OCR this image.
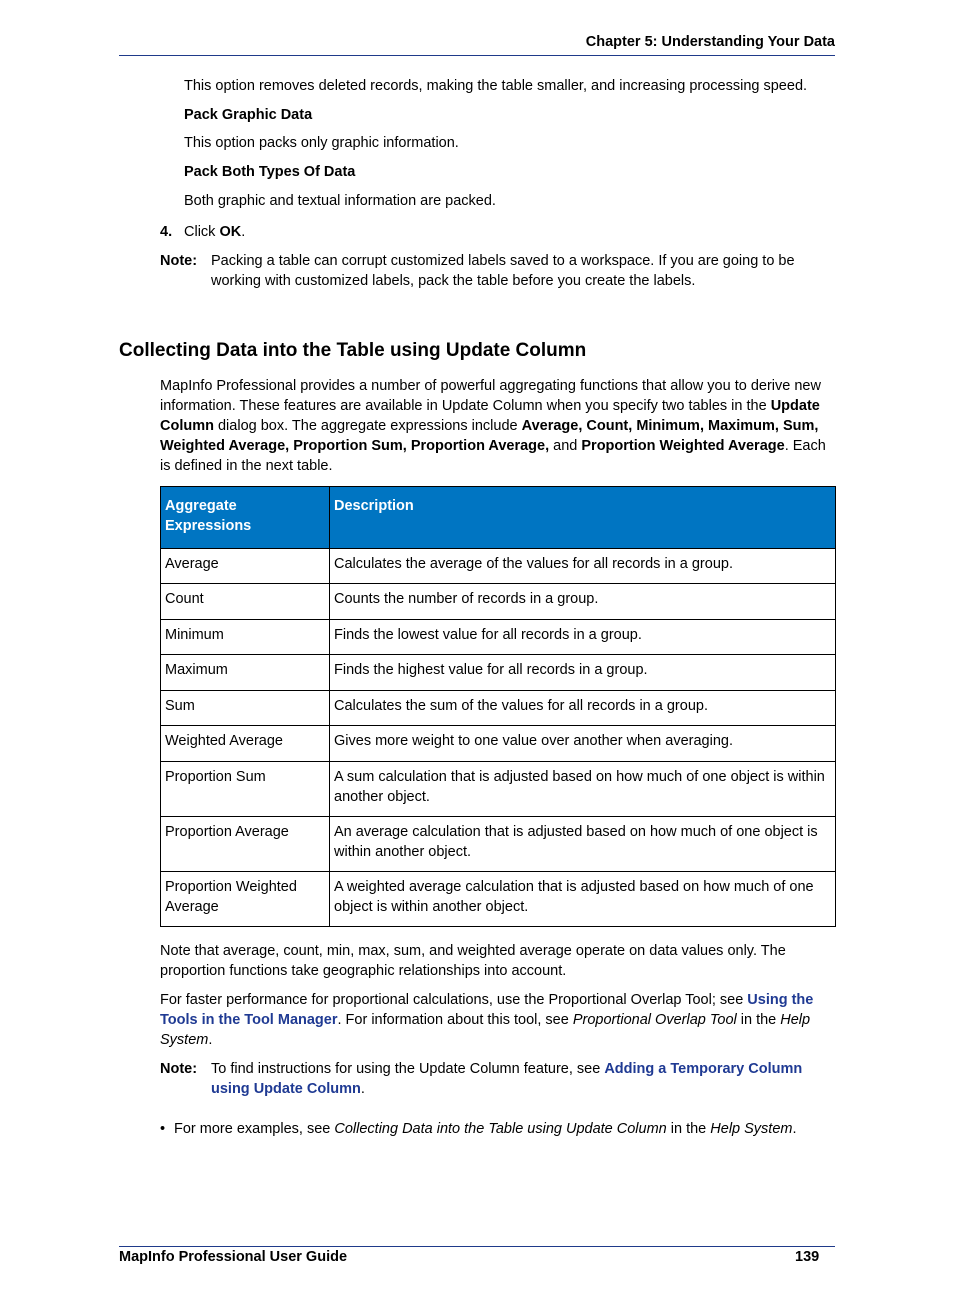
Chapter 5: Understanding Your Data
This option removes deleted records, making the table smaller, and increasing processing speed.
Pack Graphic Data
This option packs only graphic information.
Pack Both Types Of Data
Both graphic and textual information are packed.
4. Click OK.
Note: Packing a table can corrupt customized labels saved to a workspace. If you are going to be
working with customized labels, pack the table before you create the labels.
Collecting Data into the Table using Update Column
MapInfo Professional provides a number of powerful aggregating functions that allow you to derive new
information. These features are available in Update Column when you specify two tables in the Update
Column dialog box. The aggregate expressions include Average, Count, Minimum, Maximum, Sum,
Weighted Average, Proportion Sum, Proportion Average, and Proportion Weighted Average. Each
is defined in the next table.
Aggregate Expressions	Description
Average	Calculates the average of the values for all records in a group.
Count	Counts the number of records in a group.
Minimum	Finds the lowest value for all records in a group.
Maximum	Finds the highest value for all records in a group.
Sum	Calculates the sum of the values for all records in a group.
Weighted Average	Gives more weight to one value over another when averaging.
Proportion Sum	A sum calculation that is adjusted based on how much of one object is within another object.
Proportion Average	An average calculation that is adjusted based on how much of one object is within another object.
Proportion Weighted Average	A weighted average calculation that is adjusted based on how much of one object is within another object.
Note that average, count, min, max, sum, and weighted average operate on data values only. The
proportion functions take geographic relationships into account.
For faster performance for proportional calculations, use the Proportional Overlap Tool; see Using the
Tools in the Tool Manager. For information about this tool, see Proportional Overlap Tool in the Help
System.
Note: To find instructions for using the Update Column feature, see Adding a Temporary Column
using Update Column.
• For more examples, see Collecting Data into the Table using Update Column in the Help System.
MapInfo Professional User Guide	139
